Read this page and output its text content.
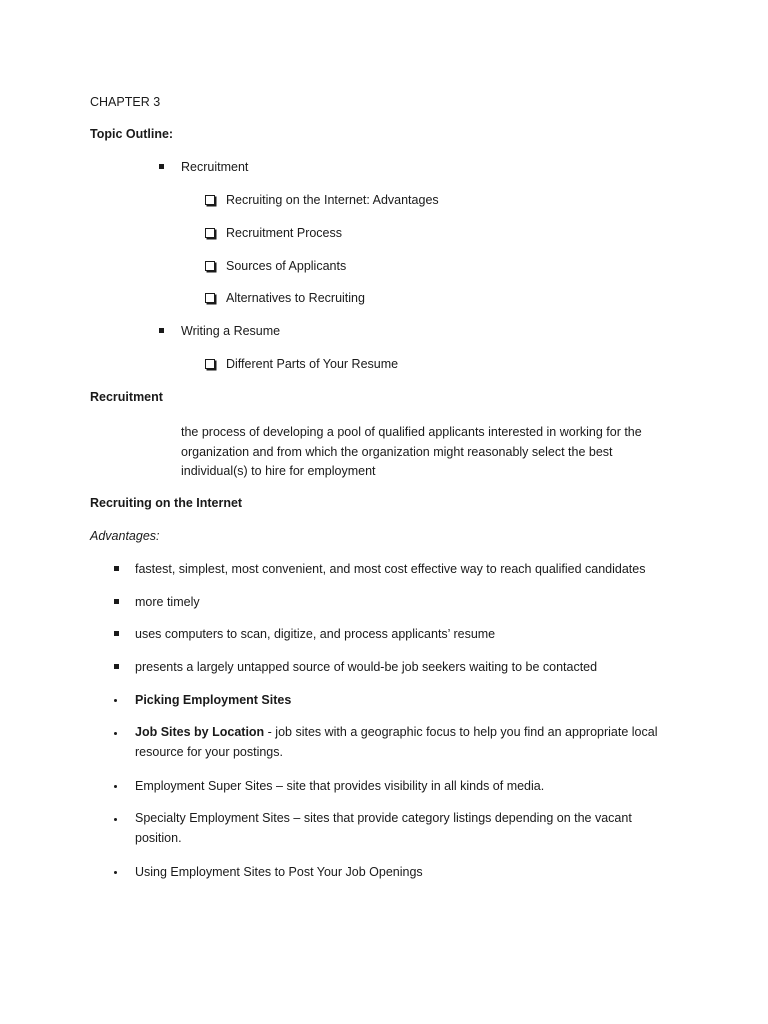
CHAPTER 3
Topic Outline:
Recruitment
Recruiting on the Internet: Advantages
Recruitment Process
Sources of Applicants
Alternatives to Recruiting
Writing a Resume
Different Parts of Your Resume
Recruitment
the process of developing a pool of qualified applicants interested in working for the organization and from which the organization might reasonably select the best individual(s) to hire for employment
Recruiting on the Internet
Advantages:
fastest, simplest, most convenient, and most cost effective way to reach qualified candidates
more timely
uses computers to scan, digitize, and process applicants’ resume
presents a largely untapped source of would-be job seekers waiting to be contacted
Picking Employment Sites
Job Sites by Location - job sites with a geographic focus to help you find an appropriate local resource for your postings.
Employment Super Sites – site that provides visibility in all kinds of media.
Specialty Employment Sites – sites that provide category listings depending on the vacant position.
Using Employment Sites to Post Your Job Openings
